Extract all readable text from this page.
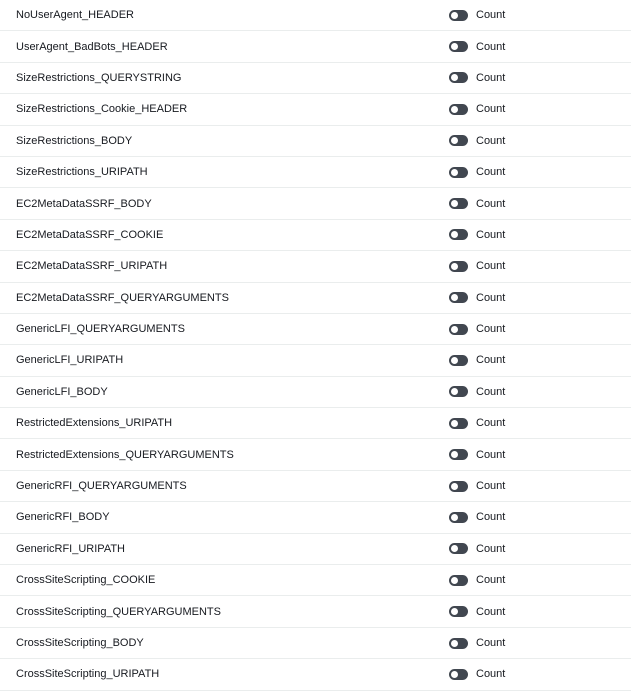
NoUserAgent_HEADER	Count
UserAgent_BadBots_HEADER	Count
SizeRestrictions_QUERYSTRING	Count
SizeRestrictions_Cookie_HEADER	Count
SizeRestrictions_BODY	Count
SizeRestrictions_URIPATH	Count
EC2MetaDataSSRF_BODY	Count
EC2MetaDataSSRF_COOKIE	Count
EC2MetaDataSSRF_URIPATH	Count
EC2MetaDataSSRF_QUERYARGUMENTS	Count
GenericLFI_QUERYARGUMENTS	Count
GenericLFI_URIPATH	Count
GenericLFI_BODY	Count
RestrictedExtensions_URIPATH	Count
RestrictedExtensions_QUERYARGUMENTS	Count
GenericRFI_QUERYARGUMENTS	Count
GenericRFI_BODY	Count
GenericRFI_URIPATH	Count
CrossSiteScripting_COOKIE	Count
CrossSiteScripting_QUERYARGUMENTS	Count
CrossSiteScripting_BODY	Count
CrossSiteScripting_URIPATH	Count
